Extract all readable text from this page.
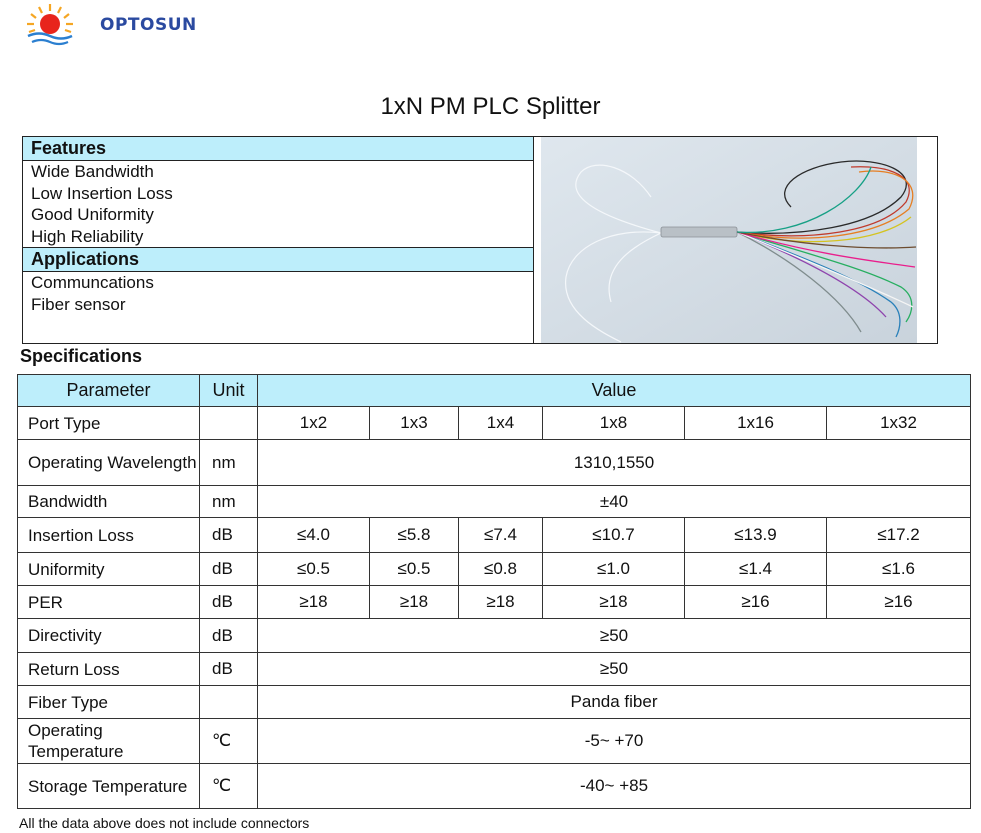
OPTOSUN
1xN PM PLC Splitter
Features
Wide Bandwidth
Low Insertion Loss
Good Uniformity
High Reliability
Applications
Communcations
Fiber sensor
Specifications
Parameter	Unit	Value					
Port Type		1x2	1x3	1x4	1x8	1x16	1x32
Operating Wavelength	nm	1310,1550					
Bandwidth	nm	±40					
Insertion Loss	dB	≤4.0	≤5.8	≤7.4	≤10.7	≤13.9	≤17.2
Uniformity	dB	≤0.5	≤0.5	≤0.8	≤1.0	≤1.4	≤1.6
PER	dB	≥18	≥18	≥18	≥18	≥16	≥16
Directivity	dB	≥50					
Return Loss	dB	≥50					
Fiber Type		Panda fiber					
Operating Temperature	℃	-5~ +70					
Storage Temperature	℃	-40~ +85					
All the data above does not include connectors
